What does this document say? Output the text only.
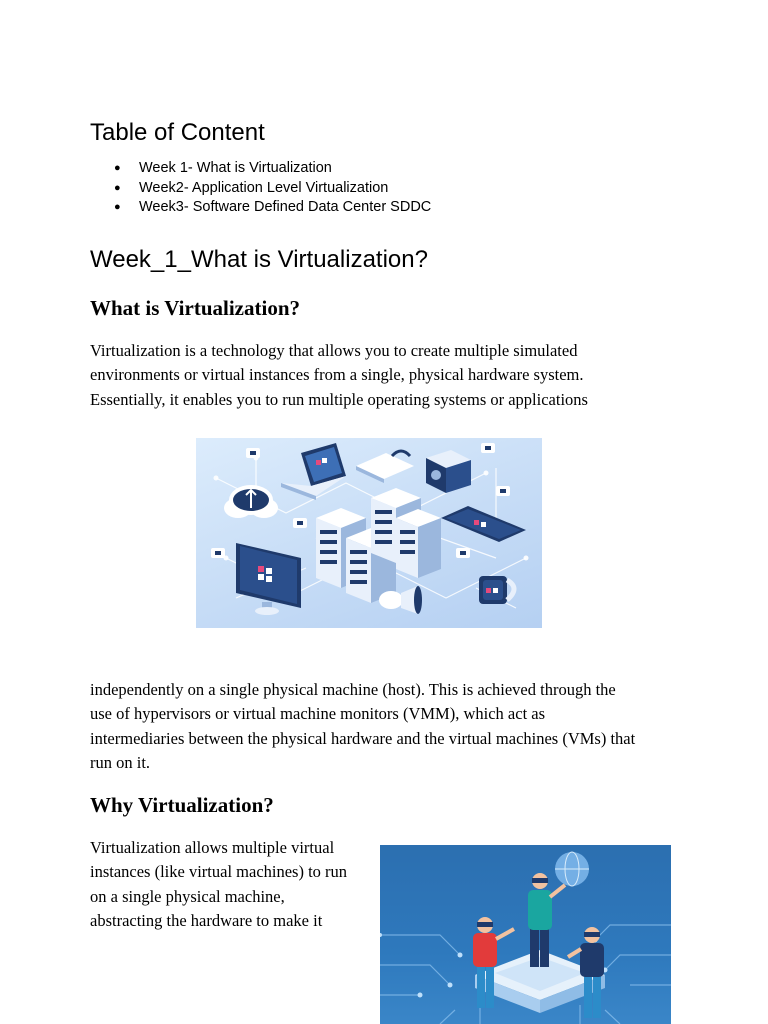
Table of Content
● Week 1- What is Virtualization
● Week2- Application Level Virtualization
● Week3- Software Defined Data Center SDDC
Week_1_What is Virtualization?
What is Virtualization?

Virtualization is a technology that allows you to create multiple simulated
environments or virtual instances from a single, physical hardware system.
Essentially, it enables you to run multiple operating systems or applications

independently on a single physical machine (host). This is achieved through the
use of hypervisors or virtual machine monitors (VMM), which act as
intermediaries between the physical hardware and the virtual machines (VMs) that
run on it.

Why Virtualization?

Virtualization allows multiple virtual
instances (like virtual machines) to run
on a single physical machine,
abstracting the hardware to make it
